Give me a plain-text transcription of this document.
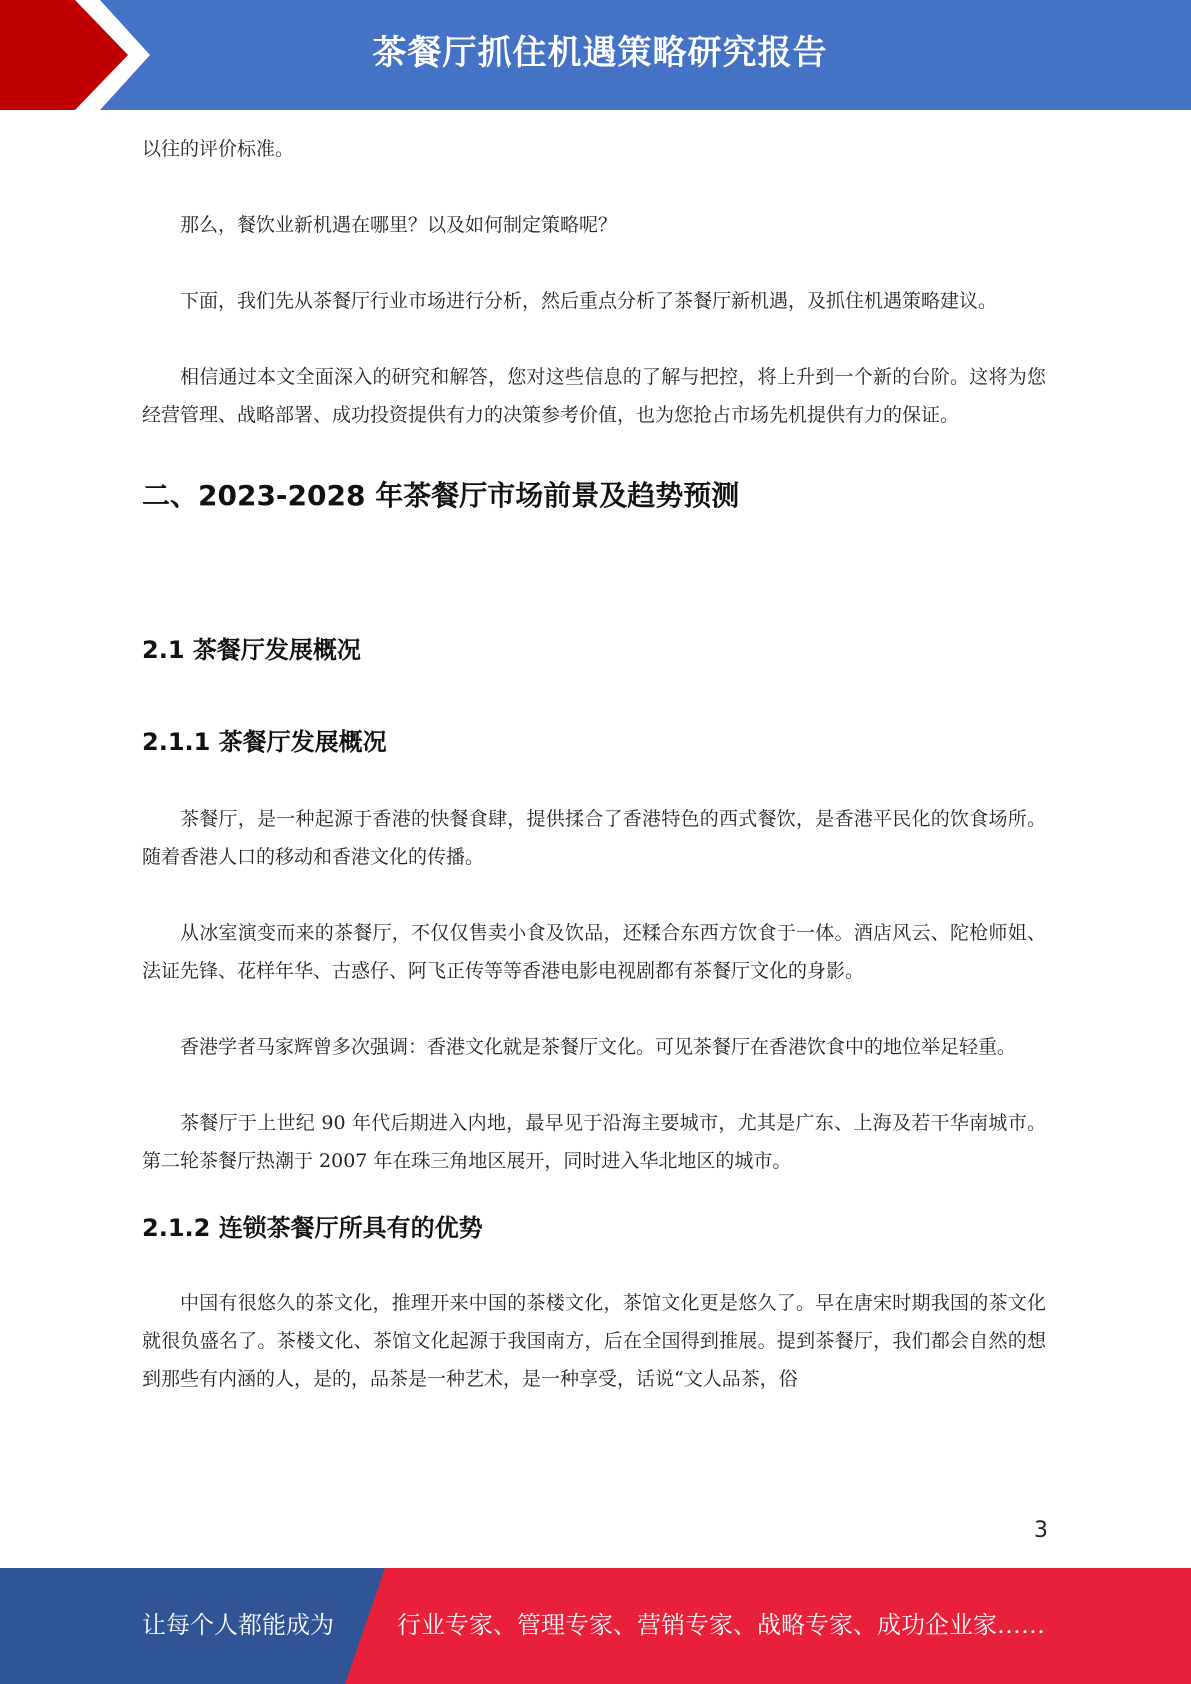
茶餐厅抓住机遇策略研究报告

以往的评价标准。

那么，餐饮业新机遇在哪里？以及如何制定策略呢？

下面，我们先从茶餐厅行业市场进行分析，然后重点分析了茶餐厅新机遇，及抓住机遇策略建议。

相信通过本文全面深入的研究和解答，您对这些信息的了解与把控，将上升到一个新的台阶。这将为您经营管理、战略部署、成功投资提供有力的决策参考价值，也为您抢占市场先机提供有力的保证。

二、2023-2028 年茶餐厅市场前景及趋势预测
2.1 茶餐厅发展概况
2.1.1 茶餐厅发展概况

茶餐厅，是一种起源于香港的快餐食肆，提供揉合了香港特色的西式餐饮，是香港平民化的饮食场所。随着香港人口的移动和香港文化的传播。

从冰室演变而来的茶餐厅，不仅仅售卖小食及饮品，还糅合东西方饮食于一体。酒店风云、陀枪师姐、法证先锋、花样年华、古惑仔、阿飞正传等等香港电影电视剧都有茶餐厅文化的身影。

香港学者马家辉曾多次强调：香港文化就是茶餐厅文化。可见茶餐厅在香港饮食中的地位举足轻重。

茶餐厅于上世纪 90 年代后期进入内地，最早见于沿海主要城市，尤其是广东、上海及若干华南城市。第二轮茶餐厅热潮于 2007 年在珠三角地区展开，同时进入华北地区的城市。

2.1.2 连锁茶餐厅所具有的优势

中国有很悠久的茶文化，推理开来中国的茶楼文化，茶馆文化更是悠久了。早在唐宋时期我国的茶文化就很负盛名了。茶楼文化、茶馆文化起源于我国南方，后在全国得到推展。提到茶餐厅，我们都会自然的想到那些有内涵的人，是的，品茶是一种艺术，是一种享受，话说“文人品茶，俗

3
让每个人都能成为	行业专家、管理专家、营销专家、战略专家、成功企业家……
